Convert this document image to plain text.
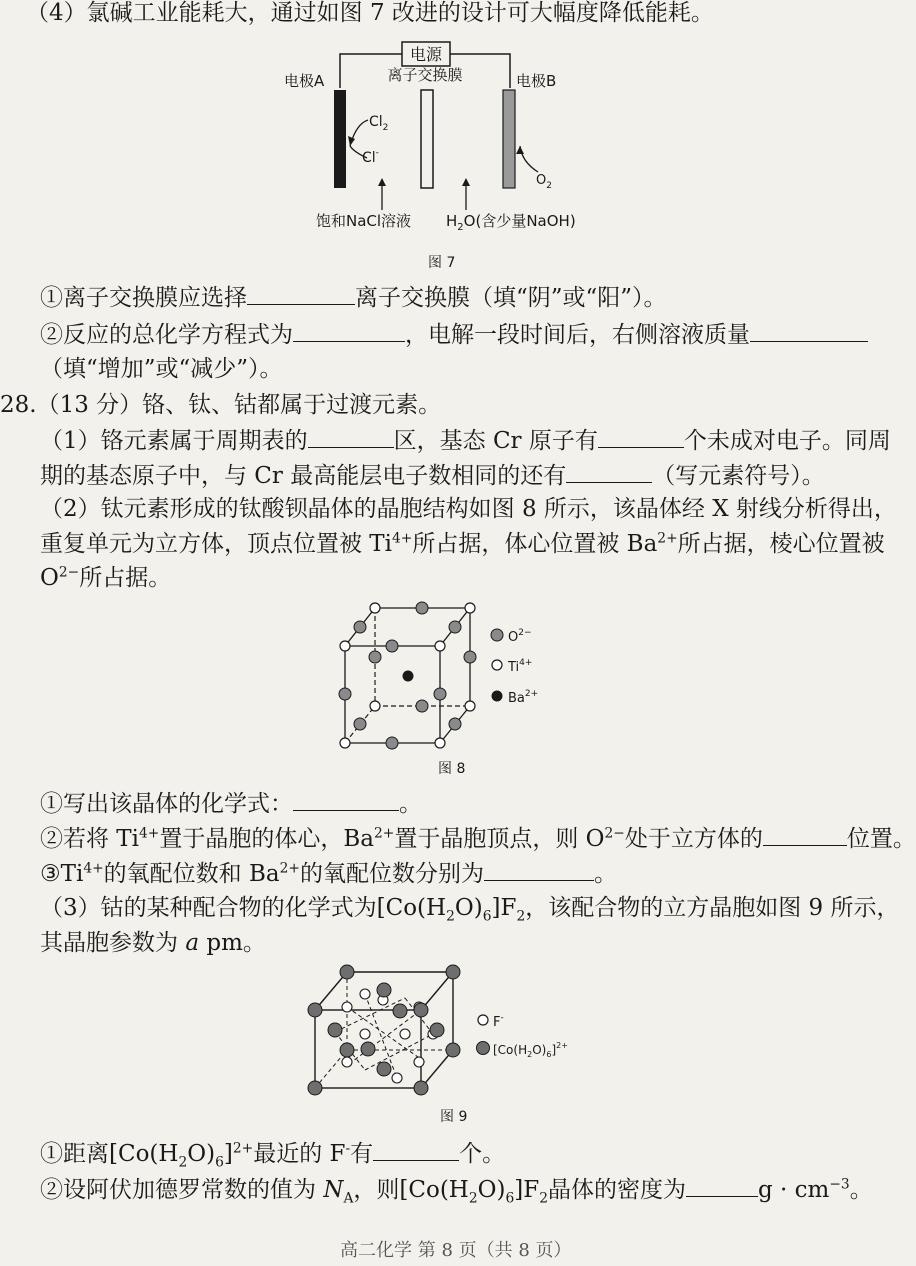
（4）氯碱工业能耗大，通过如图 7 改进的设计可大幅度降低能耗。
电源
电极A	离子交换膜	电极B
$Cl_2$
Cl-
$O_2$
饱和NaCl溶液 $H_2O$(含少量NaOH)
图 7
①离子交换膜应选择	离子交换膜（填“阴”或“阳”）。
②反应的总化学方程式为	，电解一段时间后，右侧溶液质量
（填“增加”或“减少”）。
28.（13 分）铬、钛、钴都属于过渡元素。
（1）铬元素属于周期表的	区，基态 Cr 原子有	个未成对电子。同周
期的基态原子中，与 Cr 最高能层电子数相同的还有	（写元素符号）。
（2）钛元素形成的钛酸钡晶体的晶胞结构如图 8 所示，该晶体经 X 射线分析得出，
重复单元为立方体，顶点位置被 $Ti^{4+}$所占据，体心位置被 $Ba^{2+}$所占据，棱心位置被
$O^{2-}$所占据。
$O^{2-}$
$Ti^{4+}$
$Ba^{2+}$
图 8
①写出该晶体的化学式：	。
②若将 $Ti^{4+}$置于晶胞的体心，$Ba^{2+}$置于晶胞顶点，则 $O^{2-}$处于立方体的	位置。
$③Ti^{4+}$的氧配位数和 $Ba^{2+}$的氧配位数分别为	。
（3）钴的某种配合物的化学式为$[Co(H_2O)_6]F_2$，该配合物的立方晶胞如图 9 所示，
其晶胞参数为 a pm。
F-
$[Co(H_2O)_6]^{2+}$
图 9
①距离$[Co(H_2O)_6]^{2+}$最近的 F-有	个。
②设阿伏加德罗常数的值为 $N_A$，则$[Co(H_2O)_6]F_2$晶体的密度为	$g \cdot cm^{-3}$。
高二化学 第 8 页（共 8 页）
